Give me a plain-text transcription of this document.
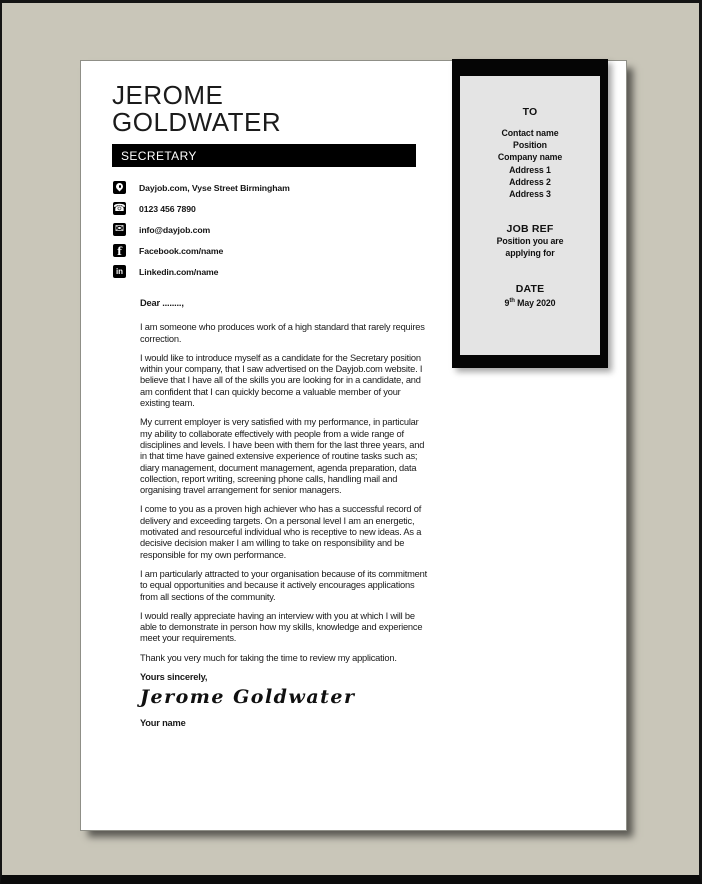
JEROME
GOLDWATER
SECRETARY
Dayjob.com, Vyse Street Birmingham
☎
0123 456 7890
✉
info@dayjob.com
f
Facebook.com/name
in
Linkedin.com/name

Dear ........,

I am someone who produces work of a high standard that rarely requires correction.

I would like to introduce myself as a candidate for the Secretary position within your company, that I saw advertised on the Dayjob.com website. I believe that I have all of the skills you are looking for in a candidate, and am confident that I can quickly become a valuable member of your existing team.

My current employer is very satisfied with my performance, in particular my ability to collaborate effectively with people from a wide range of disciplines and levels. I have been with them for the last three years, and in that time have gained extensive experience of routine tasks such as; diary management, document management, agenda preparation, data collection, report writing, screening phone calls, handling mail and organising travel arrangement for senior managers.

I come to you as a proven high achiever who has a successful record of delivery and exceeding targets. On a personal level I am an energetic, motivated and resourceful individual who is receptive to new ideas. As a decisive decision maker I am willing to take on responsibility and be responsible for my own performance.

I am particularly attracted to your organisation because of its commitment to equal opportunities and because it actively encourages applications from all sections of the community.

I would really appreciate having an interview with you at which I will be able to demonstrate in person how my skills, knowledge and experience meet your requirements.

Thank you very much for taking the time to review my application.

Yours sincerely,

Jerome Goldwater

Your name

TO
Contact name
Position
Company name
Address 1
Address 2
Address 3
JOB REF
Position you are
applying for
DATE
9th May 2020
